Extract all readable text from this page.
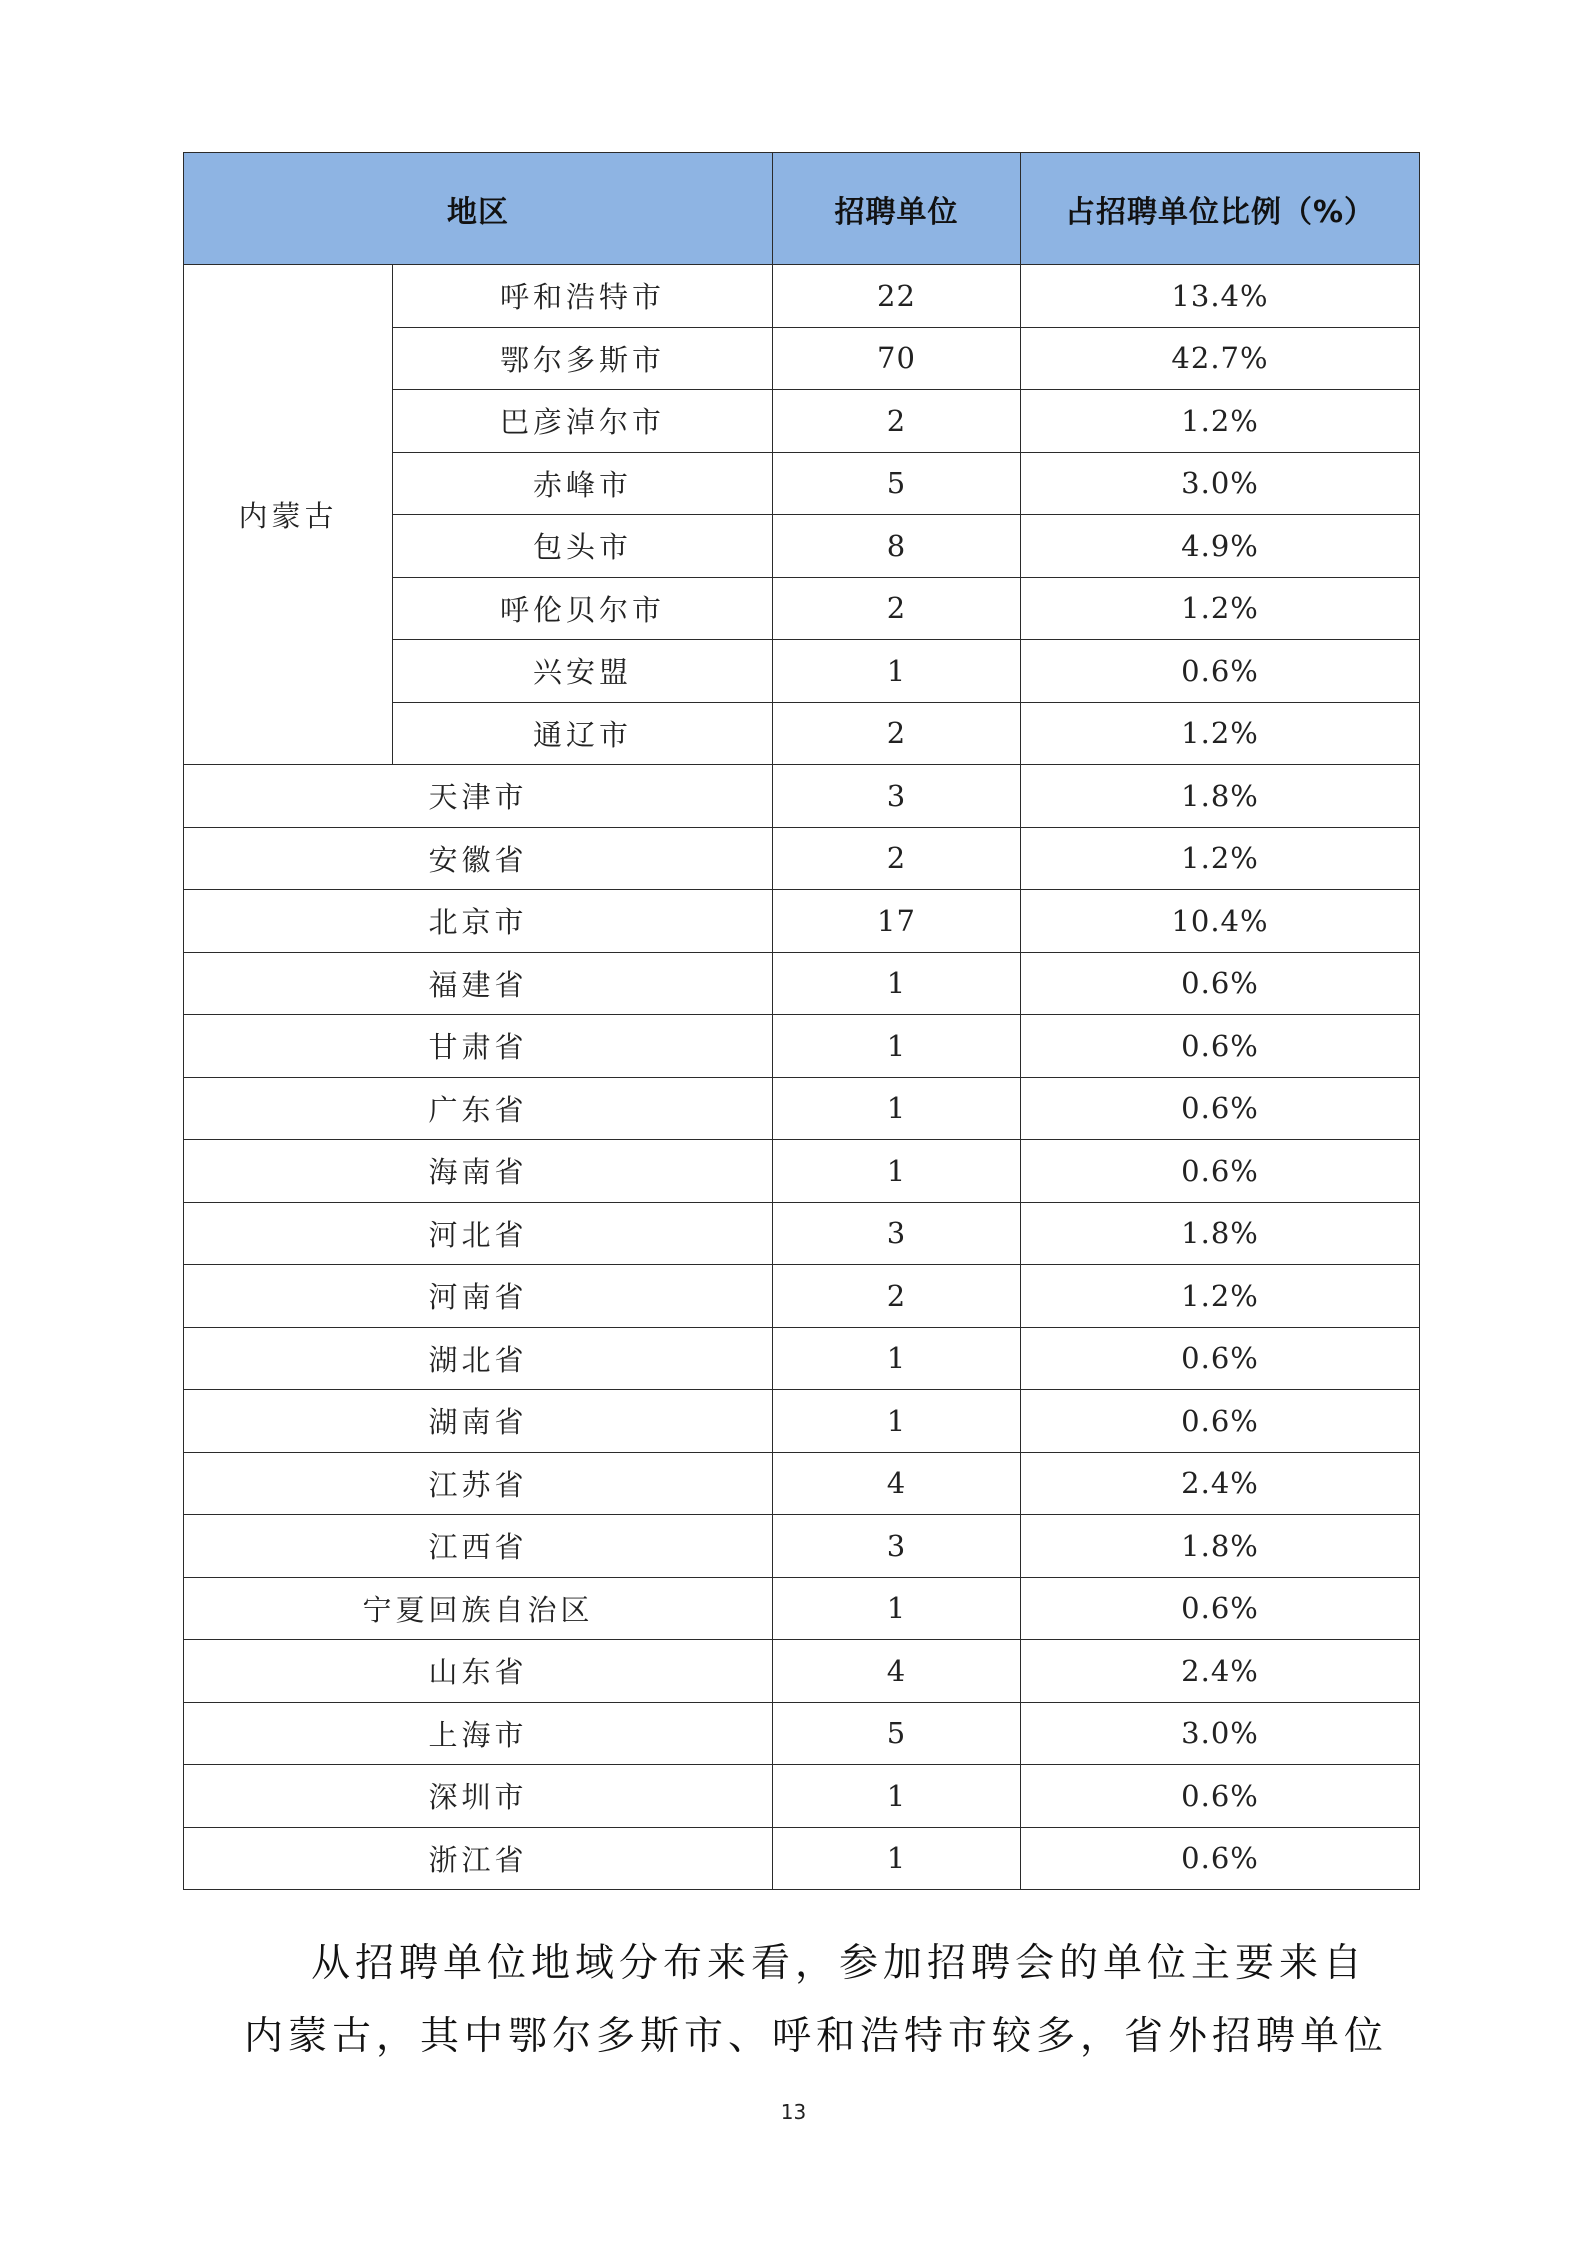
地区		招聘单位	占招聘单位比例（%）
内蒙古	呼和浩特市	22	13.4%
	鄂尔多斯市	70	42.7%
	巴彦淖尔市	2	1.2%
	赤峰市	5	3.0%
	包头市	8	4.9%
	呼伦贝尔市	2	1.2%
	兴安盟	1	0.6%
	通辽市	2	1.2%
天津市		3	1.8%
安徽省		2	1.2%
北京市		17	10.4%
福建省		1	0.6%
甘肃省		1	0.6%
广东省		1	0.6%
海南省		1	0.6%
河北省		3	1.8%
河南省		2	1.2%
湖北省		1	0.6%
湖南省		1	0.6%
江苏省		4	2.4%
江西省		3	1.8%
宁夏回族自治区		1	0.6%
山东省		4	2.4%
上海市		5	3.0%
深圳市		1	0.6%
浙江省		1	0.6%
从招聘单位地域分布来看，参加招聘会的单位主要来自
内蒙古，其中鄂尔多斯市、呼和浩特市较多，省外招聘单位
13
